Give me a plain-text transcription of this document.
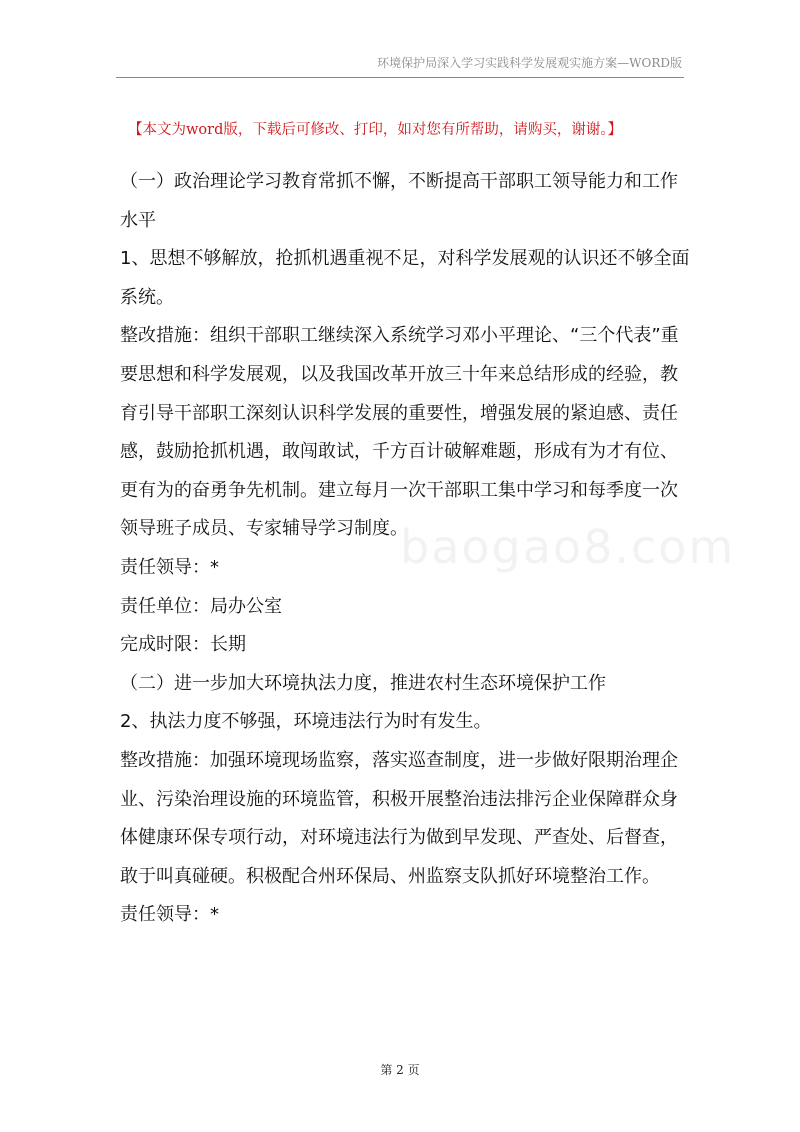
环境保护局深入学习实践科学发展观实施方案—WORD版
【本文为word版，下载后可修改、打印，如对您有所帮助，请购买，谢谢。】
baogao8.com

（一）政治理论学习教育常抓不懈，不断提高干部职工领导能力和工作水平

1、思想不够解放，抢抓机遇重视不足，对科学发展观的认识还不够全面系统。

整改措施：组织干部职工继续深入系统学习邓小平理论、“三个代表”重要思想和科学发展观，以及我国改革开放三十年来总结形成的经验，教育引导干部职工深刻认识科学发展的重要性，增强发展的紧迫感、责任感，鼓励抢抓机遇，敢闯敢试，千方百计破解难题，形成有为才有位、更有为的奋勇争先机制。建立每月一次干部职工集中学习和每季度一次领导班子成员、专家辅导学习制度。

责任领导：*

责任单位：局办公室

完成时限：长期

（二）进一步加大环境执法力度，推进农村生态环境保护工作

2、执法力度不够强，环境违法行为时有发生。

整改措施：加强环境现场监察，落实巡查制度，进一步做好限期治理企业、污染治理设施的环境监管，积极开展整治违法排污企业保障群众身体健康环保专项行动，对环境违法行为做到早发现、严查处、后督查，敢于叫真碰硬。积极配合州环保局、州监察支队抓好环境整治工作。

责任领导：*

第 2 页
